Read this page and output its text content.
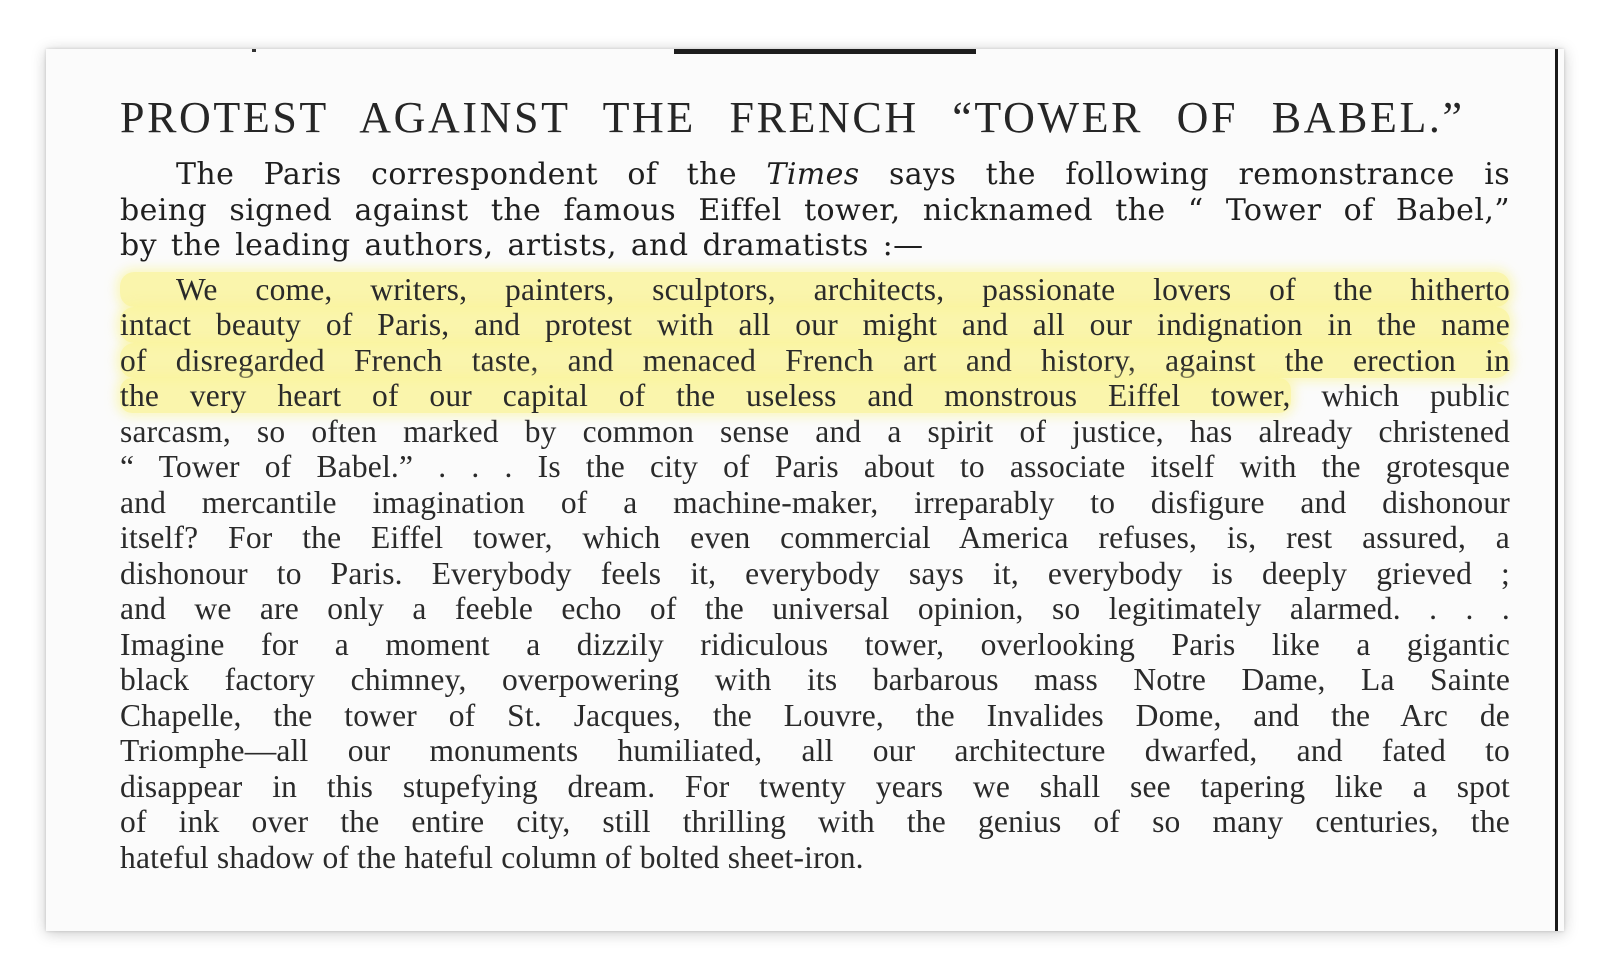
PROTEST AGAINST THE FRENCH “TOWER OF BABEL.”
The Paris correspondent of the Times says the following remonstrance is
being signed against the famous Eiffel tower, nicknamed the “ Tower of Babel,”
by the leading authors, artists, and dramatists :—
We come, writers, painters, sculptors, architects, passionate lovers of the hitherto
intact beauty of Paris, and protest with all our might and all our indignation in the name
of disregarded French taste, and menaced French art and history, against the erection in
the very heart of our capital of the useless and monstrous Eiffel tower, which public
sarcasm, so often marked by common sense and a spirit of justice, has already christened
“ Tower of Babel.” . . . Is the city of Paris about to associate itself with the grotesque
and mercantile imagination of a machine-maker, irreparably to disfigure and dishonour
itself? For the Eiffel tower, which even commercial America refuses, is, rest assured, a
dishonour to Paris. Everybody feels it, everybody says it, everybody is deeply grieved ;
and we are only a feeble echo of the universal opinion, so legitimately alarmed. . . .
Imagine for a moment a dizzily ridiculous tower, overlooking Paris like a gigantic
black factory chimney, overpowering with its barbarous mass Notre Dame, La Sainte
Chapelle, the tower of St. Jacques, the Louvre, the Invalides Dome, and the Arc de
Triomphe—all our monuments humiliated, all our architecture dwarfed, and fated to
disappear in this stupefying dream. For twenty years we shall see tapering like a spot
of ink over the entire city, still thrilling with the genius of so many centuries, the
hateful shadow of the hateful column of bolted sheet-iron.
